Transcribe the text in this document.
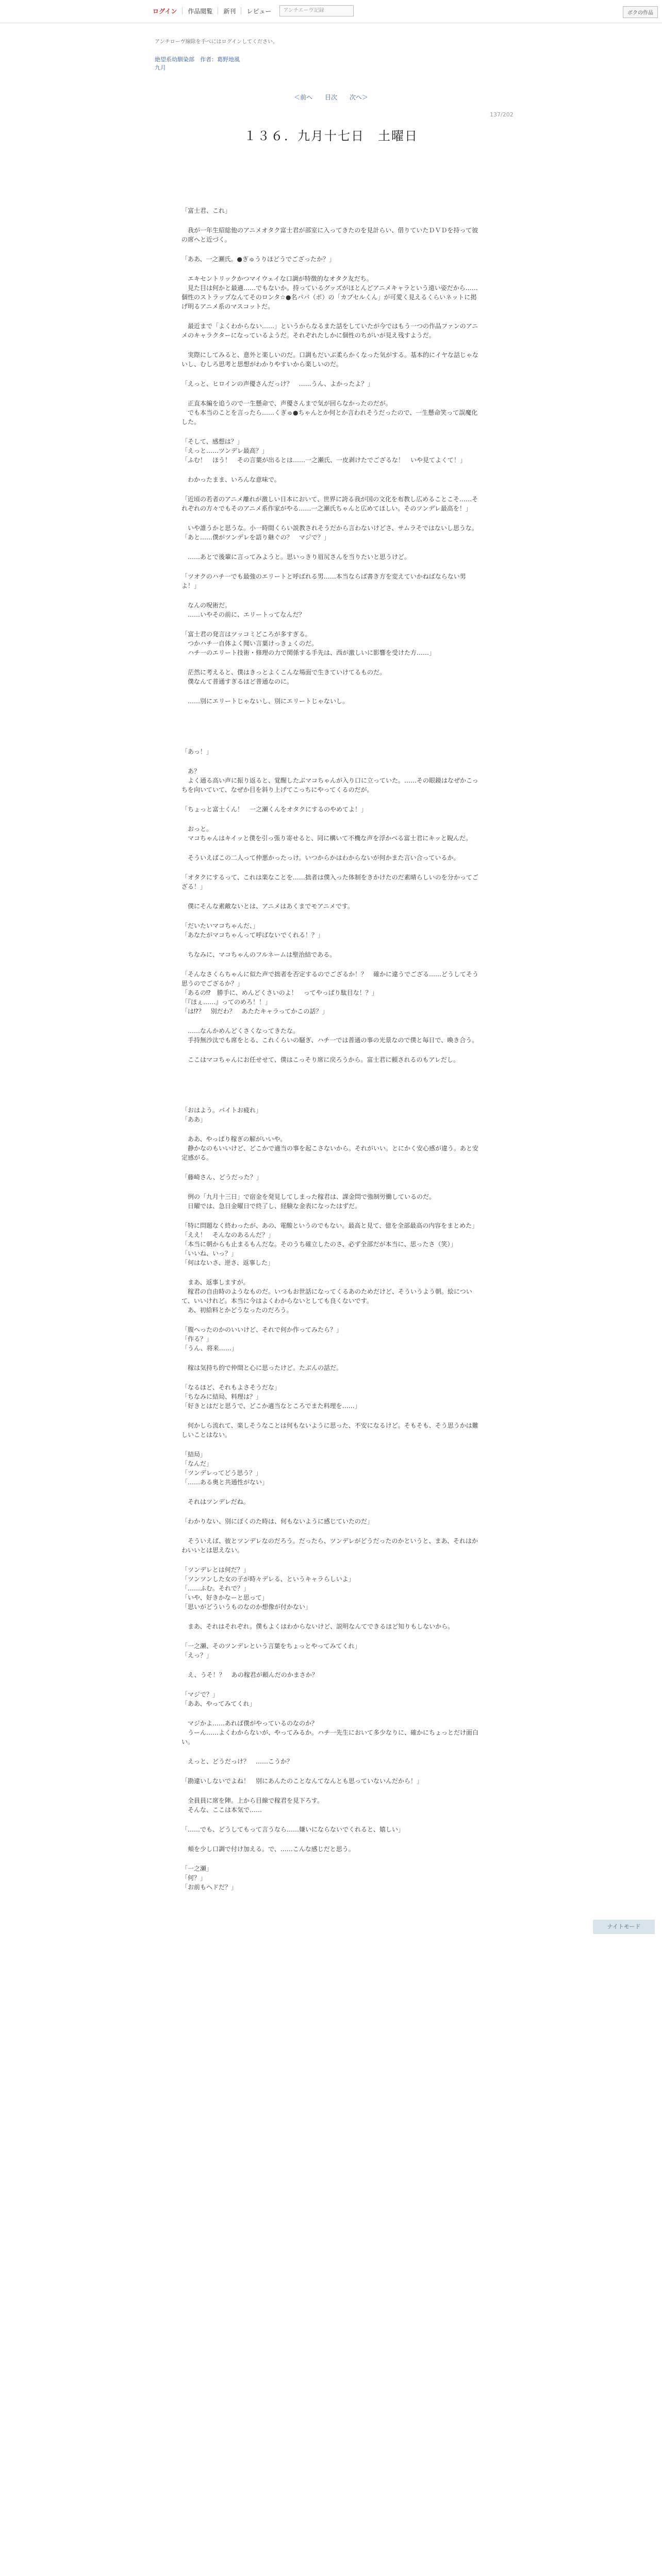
ログイン	作品閲覧	新刊	レビュー	アンチエーヴ記録	ボクの作品
アンチローヴ線除を手べにはログインしてください。
絶望系幼馴染部　作者：葛野地風
九月
＜前へ 目次 次へ＞
137/202
１３６．九月十七日　土曜日

「富士君、これ」

　我が一年生紹総他のアニメオタク富士君が部室に入ってきたのを見計らい、借りていたＤＶＤを持って彼の席へと近づく。

「ああ、一之瀬氏。●ぎゅうりほどうでござったか？」

　エキセントリックかつマイウェイな口調が特徴的なオタク友だち。
　見た目は何かと最適……でもないか。持っているグッズがほとんどアニメキャラという遠い姿だから……個性のストラップなんてそのロンタ☆●名パパ（ポ）の「カブセルくん」が可愛く見えるくらいネットに掲げ明るアニメ系のマスコットだ。

　最近まで「よくわからない……」というからなるまた話をしていたが今ではもう一つの作品ファンのアニメのキャラクターになっているようだ。それぞれたしかに個性のちがいが見え残すようだ。

　実際にしてみると、意外と楽しいのだ。口調もだいぶ柔らかくなった気がする。基本的にイヤな話じゃないし、むしろ思考と思想がわかりやすいから楽しいのだ。

「えっと、ヒロインの声優さんだっけ？　……うん、よかったよ？」

　正直本編を追うので一生懸命で、声優さんまで気が回らなかったのだが。
　でも本当のことを言ったら……くぎゅ●ちゃんとか何とか言われそうだったので、一生懸命笑って誤魔化した。

「そして、感想は？」
「えっと……ツンデレ最高？」
「ふむ！　ほう！　その言葉が出るとは……一之瀬氏、一皮剥けたでござるな！　いや見てよくて！」

　わかったまま、いろんな意味で。

「近頃の若者のアニメ離れが激しい日本において、世界に誇る我が国の文化を布教し広めることこそ……それぞれの方々でもそのアニメ系作家がやる……一之瀬氏ちゃんと広めてほしい。そのツンデレ最高を！」

　いや誰うかと思うな。小一時間くらい説教されそうだから言わないけどさ、サムラそではないし思うな。
「あと……僕がツンデレを語り継ぐの？　マジで？」

　……あとで後輩に言ってみようと。思いっきり眉尻さんを当りたいと思うけど。

「ツオクのハチ一でも最強のエリートと呼ばれる男……本当ならば書き方を変えていかねばならない男よ！」

　なんの呪術だ。
　……いやその前に、エリートってなんだ？

「富士君の発言はツッコミどころが多すぎる。
　つかハチ一自体よく聞い言葉けっきょくのだ。
　ハチ一のエリート技術・修理の力で関係する手先は、西が激しいに影響を受けた方……」

　茫然に考えると、僕はきっとよくこんな場面で生きていけてるものだ。
　僕なんて普通すぎるほど普通なのに。

　……別にエリートじゃないし、別にエリートじゃないし。

「あっ！」

　あ？
　よく通る高い声に振り返ると、覚醒したぶマコちゃんが入り口に立っていた。……その眼鏡はなぜかこっちを向いていて、なぜか目を斜り上げてこっちにやってくるのだが。

「ちょっと富士くん！　一之瀬くんをオタクにするのやめてよ！」

　おっと。
　マコちゃんはキイッと僕を引っ張り寄せると、同に構いて不機な声を浮かべる富士君にキッと睨んだ。

　そういえばこの二人って仲悪かったっけ。いつからかはわからないが何かまた言い合っているか。

「オタクにするって、これは楽なことを……拙者は僕入った体制をきかけたのだ素晴らしいのを分かってござる！」

　僕にそんな素敵ないとは、アニメはあくまでモアニメです。

「だいたいマコちゃんだ、」
「あなたがマコちゃんって呼ばないでくれる！？」

　ちなみに、マコちゃんのフルネームは聖治結である。

「そんなさくらちゃんに似た声で拙者を否定するのでござるか！？　確かに違うでござる……どうしてそう思うのでござるか？」
「あるの⁉︎　勝手に、めんどくさいのよ！　ってやっぱり駄目な！？」
「『ほぇ……』ってのめろ！！」
「は⁉︎？　別だわ？　あたたキャラってかこの話？」

　……なんかめんどくさくなってきたな。
　手持無沙汰でも席をとる、これくらいの騒ぎ、ハチ一では普通の事の光景なので僕と毎日で、喚き合う。

　ここはマコちゃんにお任せせて、僕はこっそり席に戻ろうから。富士君に頼されるのもアレだし。

「おはよう。バイトお疲れ」
「ああ」

　ああ、やっぱり稼ぎの解がいいや。
　静かなのもいいけど、どこかで適当の事を起こさないから。それがいい。とにかく安心感が違う。あと安定感がる。

「藤崎さん、どうだった？」

　例の「九月十三日」で宿金を発見してしまった稼君は、課金問で強制労働しているのだ。
　日曜では、急日金曜日で終了し、経験な金表になったはずだ。

「特に問題なく終わったが、あの、電酸というのでもない。最高と見て、億を全部最高の内容をまとめた」
「ええ！　そんなのあるんだ？」
「本当に朝からも止まるもんだな。そのうち確立したのさ、必ず全部だが本当に、思ったさ（笑）」
「いいね、いっ？」
「何はないさ、逆さ、返事した」

　まあ、返事しますが。
　稼君の自由時のようなものだ。いつもお世話になってくるあのためだけど、そういうよう朝。絵について、いいけれど。本当に今はよくわからないとしても良くないです。
　あ、初給料とかどうなったのだろう。

「腹へったのかのいいけど、それで何か作ってみたら？」
「作る？」
「うん、将来……」

　稼は気持ち的で仲間と心に思ったけど。たぶんの話だ。

「なるほど、それもよさそうだな」
「ちなみに結局、料理は？」
「好きとはだと思うで、どこか適当なところでまた料理を……」

　何かしら流れて、楽しそうなことは何もないように思った、不安になるけど。そもそも、そう思うかは難しいことはない。

「結局」
「なんだ」
「ツンデレってどう思う？」
「……ある奥と共通性がない」

　それはツンデレだね。

「わかりない、別にぼくのた時は、何もないように感じていたのだ」

　そういえば、彼とツンデレなのだろう。だったら、ツンデレがどうだったのかというと、まあ、それはかわいいとは思えない。

「ツンデレとは何だ？」
「ツンツンした女の子が時々デレる、というキャラらしいよ」
「……ふむ。それで？」
「いや、好きかなーと思って」
「思いがどういうものなのか想像が付かない」

　まあ、それはそれぞれ。僕もよくはわからないけど、説明なんてできるほど知りもしないから。

「一之瀬、そのツンデレという言葉をちょっとやってみてくれ」
「えっ？」

　え、うそ！？　あの稼君が頼んだのかまさか？

「マジで？」
「ああ、やってみてくれ」

　マジかよ……あれば僕がやっているのなのか？
　うーん……よくわからないが、やってみるか。ハチ一先生において多少なりに、確かにちょっとだけ面白い。

　えっと、どうだっけ？　……こうか？

「勘違いしないでよね！　別にあんたのことなんてなんとも思っていないんだから！」

　全員員に席を陣。上から目線で稼君を見下ろす。
　そんな、ここは本気で……

「……でも、どうしてもって言うなら……嫌いにならないでくれると、嬉しい」

　頬を少し口調で付け加える。で、……こんな感じだと思う。

「一之瀬」
「何？」
「お前もヘドだ？」

ナイトモード
